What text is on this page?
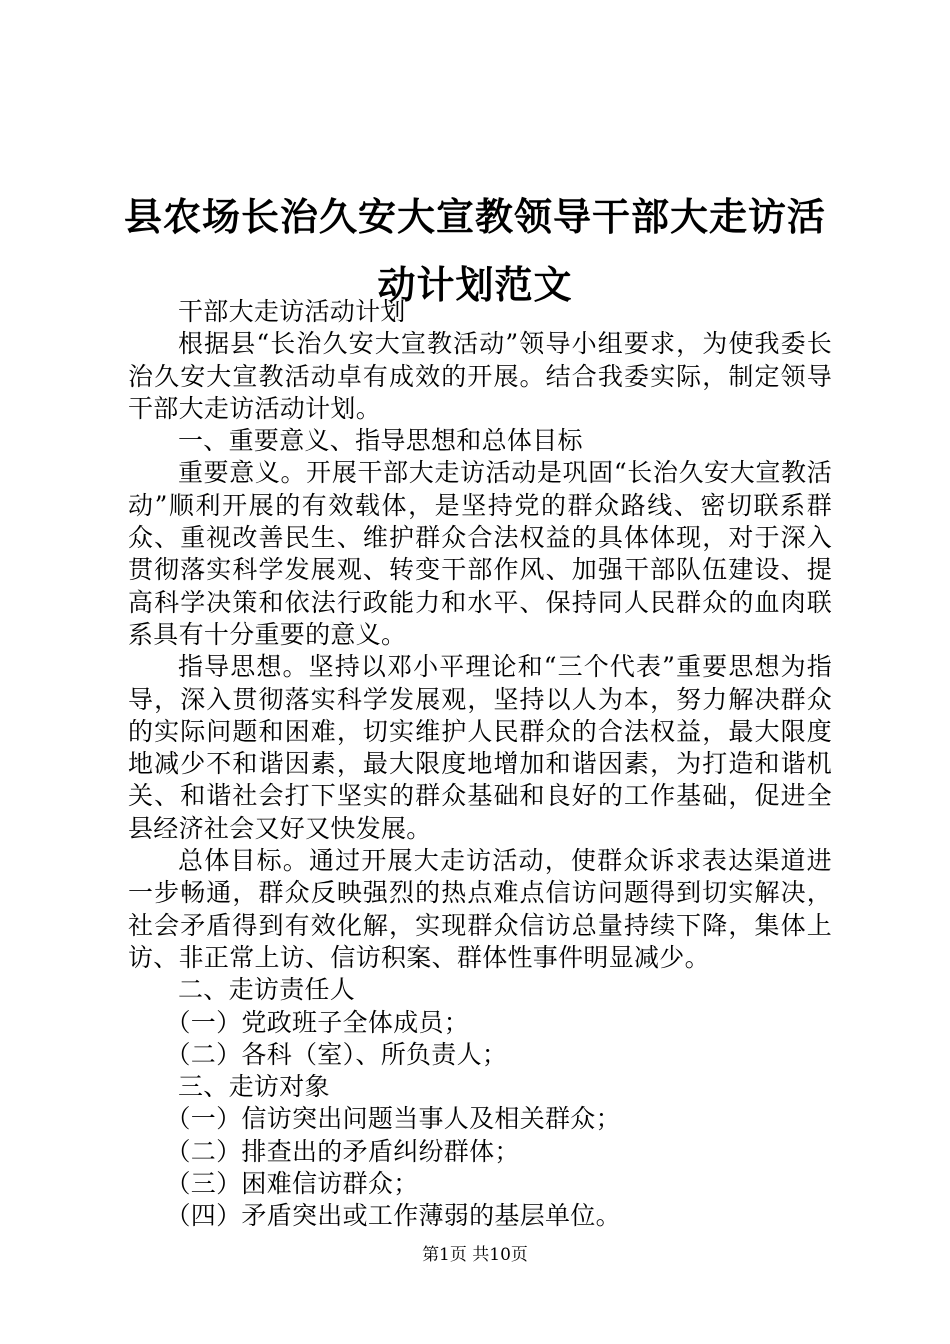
县农场长治久安大宣教领导干部大走访活动计划范文

干部大走访活动计划

根据县“长治久安大宣教活动”领导小组要求，为使我委长治久安大宣教活动卓有成效的开展。结合我委实际，制定领导干部大走访活动计划。

一、重要意义、指导思想和总体目标

重要意义。开展干部大走访活动是巩固“长治久安大宣教活动”顺利开展的有效载体，是坚持党的群众路线、密切联系群众、重视改善民生、维护群众合法权益的具体体现，对于深入贯彻落实科学发展观、转变干部作风、加强干部队伍建设、提高科学决策和依法行政能力和水平、保持同人民群众的血肉联系具有十分重要的意义。

指导思想。坚持以邓小平理论和“三个代表”重要思想为指导，深入贯彻落实科学发展观，坚持以人为本，努力解决群众的实际问题和困难，切实维护人民群众的合法权益，最大限度地减少不和谐因素，最大限度地增加和谐因素，为打造和谐机关、和谐社会打下坚实的群众基础和良好的工作基础，促进全县经济社会又好又快发展。

总体目标。通过开展大走访活动，使群众诉求表达渠道进一步畅通，群众反映强烈的热点难点信访问题得到切实解决，社会矛盾得到有效化解，实现群众信访总量持续下降，集体上访、非正常上访、信访积案、群体性事件明显减少。

二、走访责任人

（一）党政班子全体成员；

（二）各科（室）、所负责人；

三、走访对象

（一）信访突出问题当事人及相关群众；

（二）排查出的矛盾纠纷群体；

（三）困难信访群众；

（四）矛盾突出或工作薄弱的基层单位。

第1页 共10页
